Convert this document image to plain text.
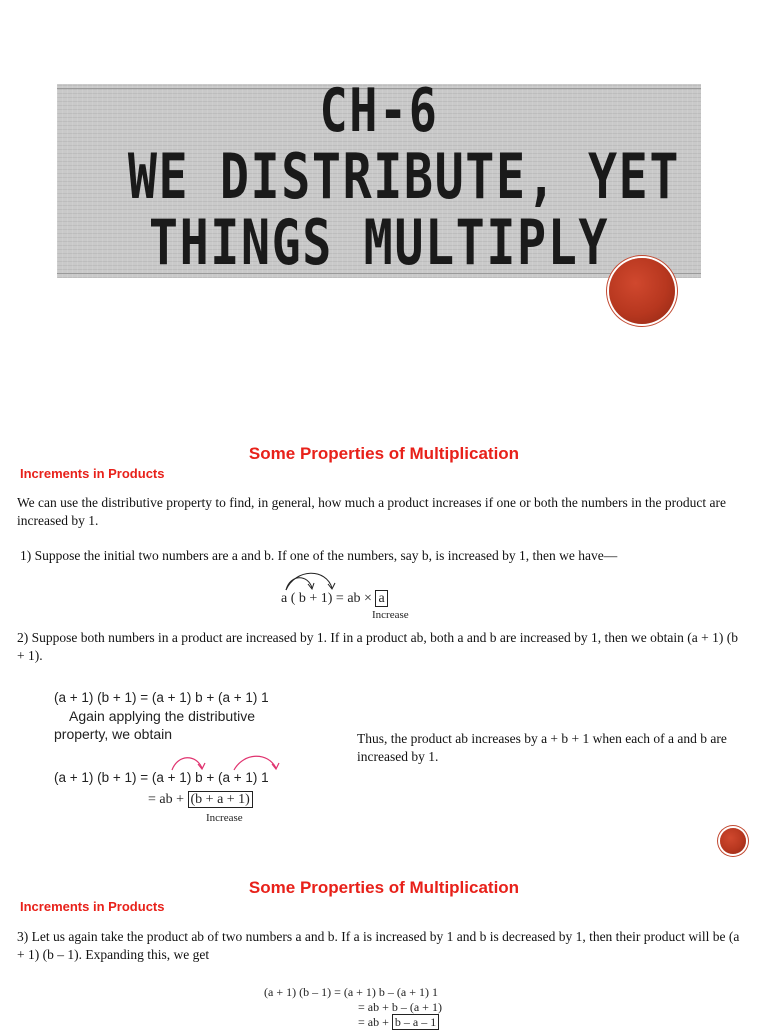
CH-6
WE DISTRIBUTE, YET
THINGS MULTIPLY
Some Properties of Multiplication
Increments in Products
We can use the distributive property to find, in general, how much a product increases if one or both the numbers in the product are increased by 1.
1) Suppose the initial two numbers are a and b. If one of the numbers, say b, is increased by 1, then we have—
a ( b + 1) = ab × a
Increase
2) Suppose both numbers in a product are increased by 1. If in a product ab, both a and b are increased by 1, then we obtain (a + 1) (b + 1).
(a + 1) (b + 1) = (a + 1) b + (a + 1) 1
Again applying the distributive
property, we obtain
(a + 1) (b + 1) = (a + 1) b + (a + 1) 1
= ab + (b + a + 1)
Increase
Thus, the product ab increases by a + b + 1 when each of a and b are increased by 1.
Some Properties of Multiplication
Increments in Products
3) Let us again take the product ab of two numbers a and b. If a is increased by 1 and b is decreased by 1, then their product will be (a + 1) (b – 1). Expanding this, we get
(a + 1) (b – 1) = (a + 1) b – (a + 1) 1
= ab + b – (a + 1)
= ab + b – a – 1
